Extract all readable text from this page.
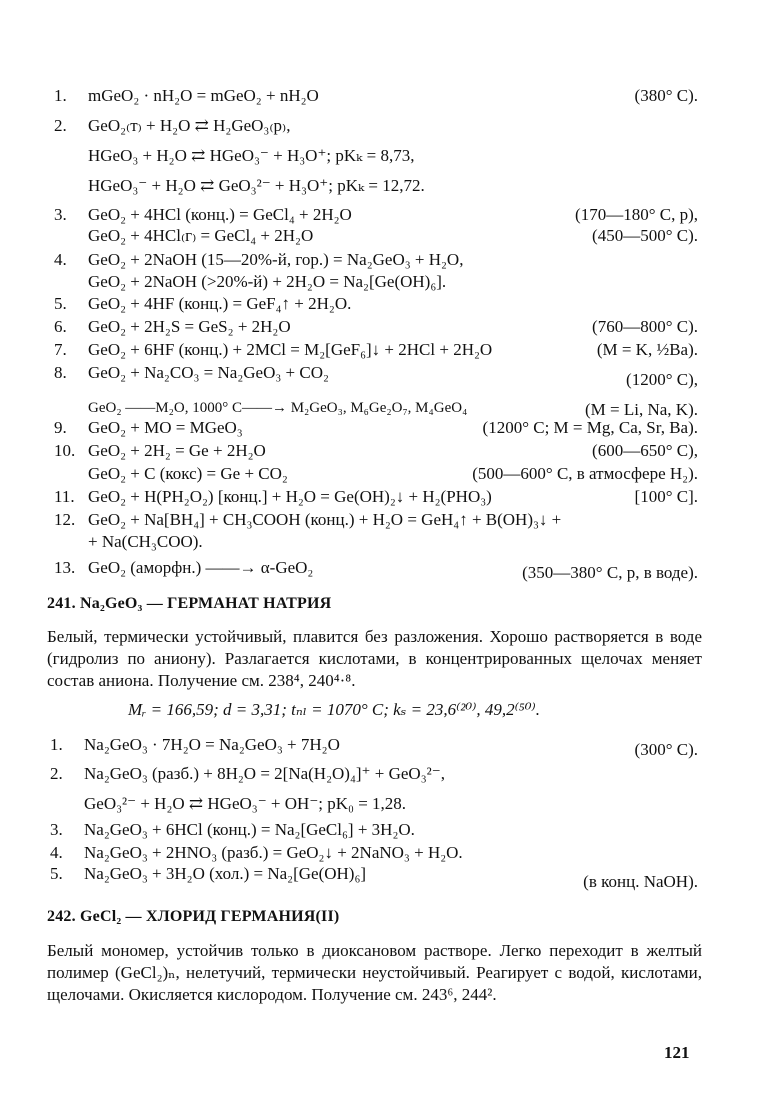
1. mGeO₂ · nH₂O = mGeO₂ + nH₂O	(380° C).
2. GeO₂₍т₎ + H₂O ⇄ H₂GeO₃₍р₎,
HGeO₃ + H₂O ⇄ HGeO₃⁻ + H₃O⁺; pKₖ = 8,73,
HGeO₃⁻ + H₂O ⇄ GeO₃²⁻ + H₃O⁺; pKₖ = 12,72.
3. GeO₂ + 4HCl (конц.) = GeCl₄ + 2H₂O	(170—180° C, p),
GeO₂ + 4HCl₍г₎ = GeCl₄ + 2H₂O	(450—500° C).
4. GeO₂ + 2NaOH (15—20%-й, гор.) = Na₂GeO₃ + H₂O,
GeO₂ + 2NaOH (>20%-й) + 2H₂O = Na₂[Ge(OH)₆].
5. GeO₂ + 4HF (конц.) = GeF₄↑ + 2H₂O.
6. GeO₂ + 2H₂S = GeS₂ + 2H₂O	(760—800° C).
7. GeO₂ + 6HF (конц.) + 2MCl = M₂[GeF₆]↓ + 2HCl + 2H₂O	(M = K, ½Ba).
8. GeO₂ + Na₂CO₃ = Na₂GeO₃ + CO₂	(1200° C),
GeO₂ ——M₂O, 1000° C——→ M₂GeO₃, M₆Ge₂O₇, M₄GeO₄	(M = Li, Na, K).
9. GeO₂ + MO = MGeO₃	(1200° C; M = Mg, Ca, Sr, Ba).
10. GeO₂ + 2H₂ = Ge + 2H₂O	(600—650° C),
GeO₂ + C (кокс) = Ge + CO₂	(500—600° C, в атмосфере H₂).
11. GeO₂ + H(PH₂O₂) [конц.] + H₂O = Ge(OH)₂↓ + H₂(PHO₃)	[100° C].
12. GeO₂ + Na[BH₄] + CH₃COOH (конц.) + H₂O = GeH₄↑ + B(OH)₃↓ +
+ Na(CH₃COO).
13. GeO₂ (аморфн.) ——→ α-GeO₂	(350—380° C, p, в воде).
241. Na₂GeO₃ — ГЕРМАНАТ НАТРИЯ
Белый, термически устойчивый, плавится без разложения. Хорошо растворяется в воде (гидролиз по аниону). Разлагается кислотами, в концентрированных щелочах меняет состав аниона. Получение см. 238⁴, 240⁴·⁸.
Mᵣ = 166,59; d = 3,31; tₙₗ = 1070° C; kₛ = 23,6⁽²⁰⁾, 49,2⁽⁵⁰⁾.
1. Na₂GeO₃ · 7H₂O = Na₂GeO₃ + 7H₂O	(300° C).
2. Na₂GeO₃ (разб.) + 8H₂O = 2[Na(H₂O)₄]⁺ + GeO₃²⁻,
GeO₃²⁻ + H₂O ⇄ HGeO₃⁻ + OH⁻; pK₀ = 1,28.
3. Na₂GeO₃ + 6HCl (конц.) = Na₂[GeCl₆] + 3H₂O.
4. Na₂GeO₃ + 2HNO₃ (разб.) = GeO₂↓ + 2NaNO₃ + H₂O.
5. Na₂GeO₃ + 3H₂O (хол.) = Na₂[Ge(OH)₆]	(в конц. NaOH).
242. GeCl₂ — ХЛОРИД ГЕРМАНИЯ(II)
Белый мономер, устойчив только в диоксановом растворе. Легко переходит в желтый полимер (GeCl₂)ₙ, нелетучий, термически неустойчивый. Реагирует с водой, кислотами, щелочами. Окисляется кислородом. Получение см. 243⁶, 244².
121
